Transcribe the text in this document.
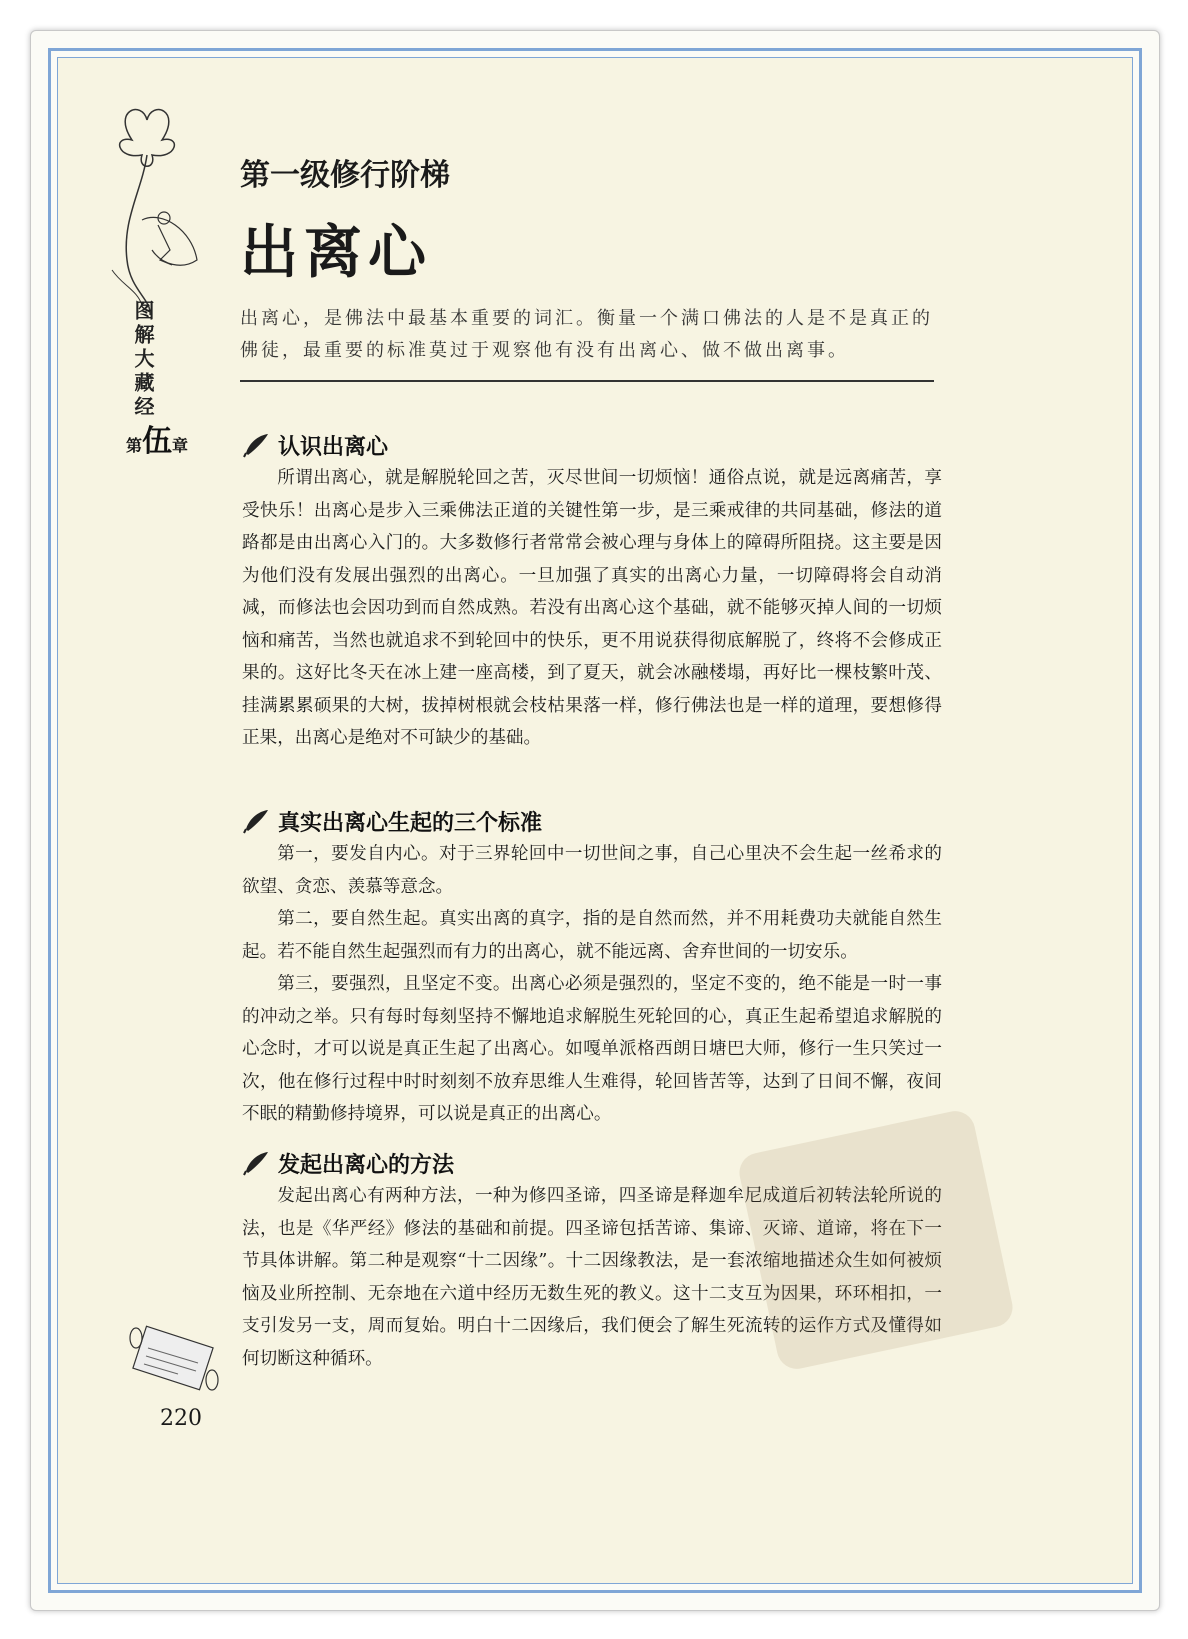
图解大藏经
第伍章
第一级修行阶梯
出离心
出离心，是佛法中最基本重要的词汇。衡量一个满口佛法的人是不是真正的佛徒，最重要的标准莫过于观察他有没有出离心、做不做出离事。
认识出离心

所谓出离心，就是解脱轮回之苦，灭尽世间一切烦恼！通俗点说，就是远离痛苦，享受快乐！出离心是步入三乘佛法正道的关键性第一步，是三乘戒律的共同基础，修法的道路都是由出离心入门的。大多数修行者常常会被心理与身体上的障碍所阻挠。这主要是因为他们没有发展出强烈的出离心。一旦加强了真实的出离心力量，一切障碍将会自动消减，而修法也会因功到而自然成熟。若没有出离心这个基础，就不能够灭掉人间的一切烦恼和痛苦，当然也就追求不到轮回中的快乐，更不用说获得彻底解脱了，终将不会修成正果的。这好比冬天在冰上建一座高楼，到了夏天，就会冰融楼塌，再好比一棵枝繁叶茂、挂满累累硕果的大树，拔掉树根就会枝枯果落一样，修行佛法也是一样的道理，要想修得正果，出离心是绝对不可缺少的基础。

真实出离心生起的三个标准

第一，要发自内心。对于三界轮回中一切世间之事，自己心里决不会生起一丝希求的欲望、贪恋、羡慕等意念。

第二，要自然生起。真实出离的真字，指的是自然而然，并不用耗费功夫就能自然生起。若不能自然生起强烈而有力的出离心，就不能远离、舍弃世间的一切安乐。

第三，要强烈，且坚定不变。出离心必须是强烈的，坚定不变的，绝不能是一时一事的冲动之举。只有每时每刻坚持不懈地追求解脱生死轮回的心，真正生起希望追求解脱的心念时，才可以说是真正生起了出离心。如嘎单派格西朗日塘巴大师，修行一生只笑过一次，他在修行过程中时时刻刻不放弃思维人生难得，轮回皆苦等，达到了日间不懈，夜间不眠的精勤修持境界，可以说是真正的出离心。

发起出离心的方法

发起出离心有两种方法，一种为修四圣谛，四圣谛是释迦牟尼成道后初转法轮所说的法，也是《华严经》修法的基础和前提。四圣谛包括苦谛、集谛、灭谛、道谛，将在下一节具体讲解。第二种是观察“十二因缘”。十二因缘教法，是一套浓缩地描述众生如何被烦恼及业所控制、无奈地在六道中经历无数生死的教义。这十二支互为因果，环环相扣，一支引发另一支，周而复始。明白十二因缘后，我们便会了解生死流转的运作方式及懂得如何切断这种循环。

220
